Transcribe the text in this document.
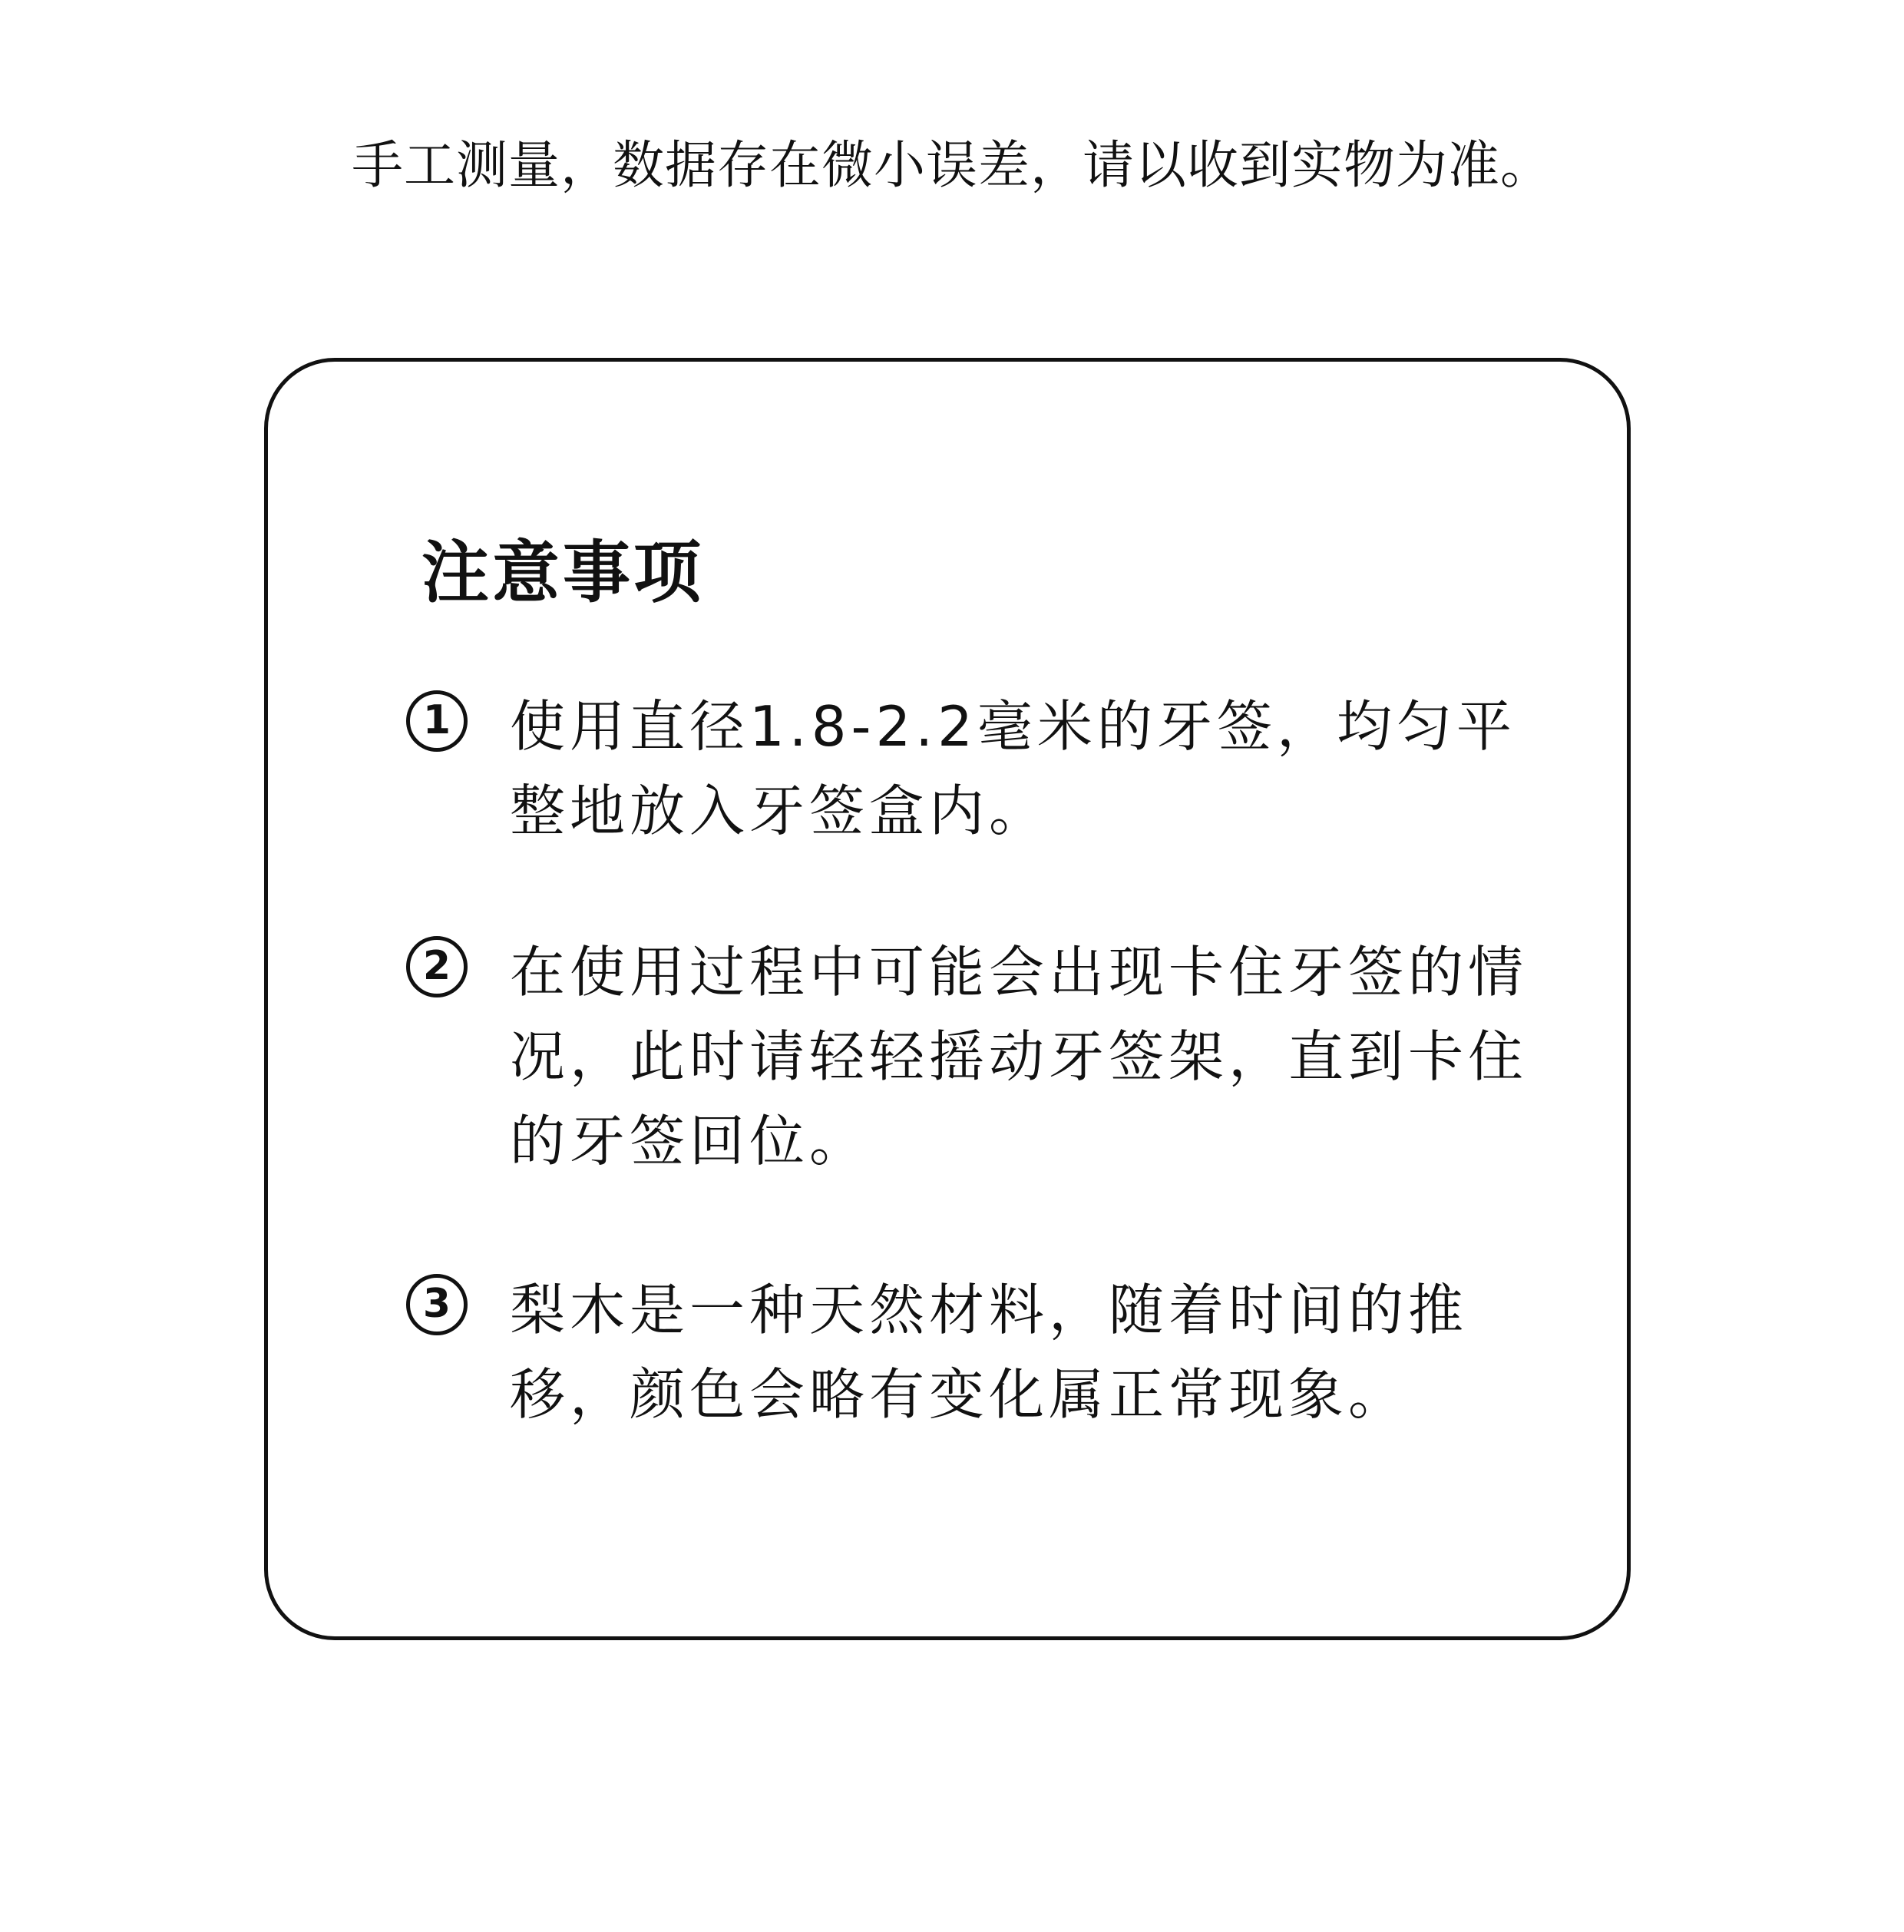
手工测量，数据存在微小误差，请以收到实物为准。
注意事项
1	使用直径1.8-2.2毫米的牙签，均匀平
整地放入牙签盒内。
2	在使用过程中可能会出现卡住牙签的情
况，此时请轻轻摇动牙签架，直到卡住
的牙签回位。
3	梨木是一种天然材料，随着时间的推
移，颜色会略有变化属正常现象。
